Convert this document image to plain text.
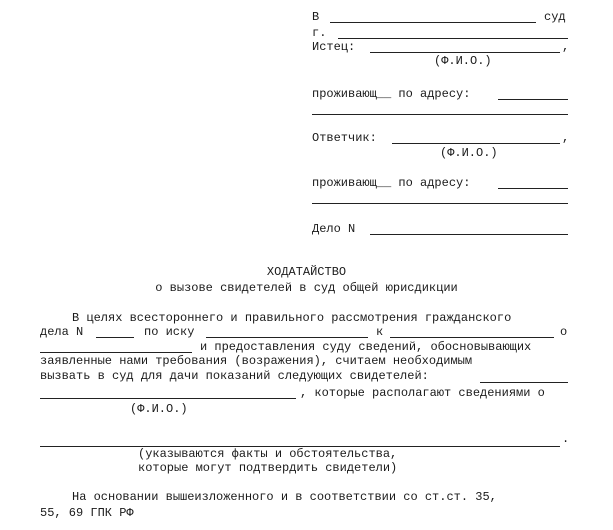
В	суд
г.
Истец:	,
(Ф.И.О.)
проживающ__ по адресу:
Ответчик:	,
(Ф.И.О.)
проживающ__ по адресу:
Дело N
ХОДАТАЙСТВО
о вызове свидетелей в суд общей юрисдикции
В целях всестороннего и правильного рассмотрения гражданского
дела N	по иску	к	о
и предоставления суду сведений, обосновывающих
заявленные нами требования (возражения), считаем необходимым
вызвать в суд для дачи показаний следующих свидетелей:
, которые располагают сведениями о
(Ф.И.О.)
.
(указываются факты и обстоятельства,
которые могут подтвердить свидетели)
На основании вышеизложенного и в соответствии со ст.ст. 35,
55, 69 ГПК РФ
